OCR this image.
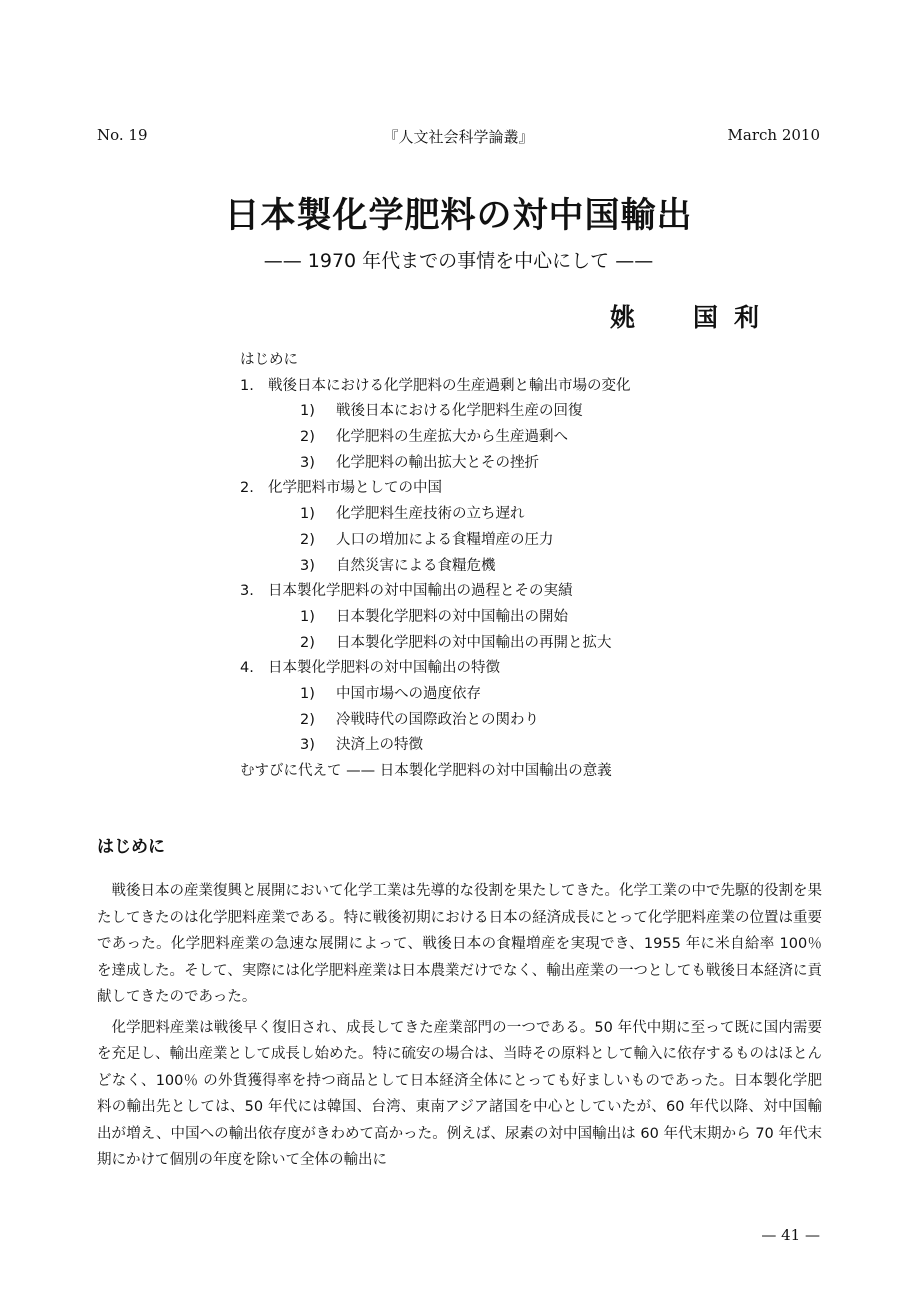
No. 19	『人文社会科学論叢』	March 2010
日本製化学肥料の対中国輸出
—— 1970 年代までの事情を中心にして ——
姚 国利
はじめに
1. 戦後日本における化学肥料の生産過剰と輸出市場の変化
1) 戦後日本における化学肥料生産の回復
2) 化学肥料の生産拡大から生産過剰へ
3) 化学肥料の輸出拡大とその挫折
2. 化学肥料市場としての中国
1) 化学肥料生産技術の立ち遅れ
2) 人口の増加による食糧増産の圧力
3) 自然災害による食糧危機
3. 日本製化学肥料の対中国輸出の過程とその実績
1) 日本製化学肥料の対中国輸出の開始
2) 日本製化学肥料の対中国輸出の再開と拡大
4. 日本製化学肥料の対中国輸出の特徴
1) 中国市場への過度依存
2) 冷戦時代の国際政治との関わり
3) 決済上の特徴
むすびに代えて —— 日本製化学肥料の対中国輸出の意義
はじめに

戦後日本の産業復興と展開において化学工業は先導的な役割を果たしてきた。化学工業の中で先駆的役割を果たしてきたのは化学肥料産業である。特に戦後初期における日本の経済成長にとって化学肥料産業の位置は重要であった。化学肥料産業の急速な展開によって、戦後日本の食糧増産を実現でき、1955 年に米自給率 100％ を達成した。そして、実際には化学肥料産業は日本農業だけでなく、輸出産業の一つとしても戦後日本経済に貢献してきたのであった。

化学肥料産業は戦後早く復旧され、成長してきた産業部門の一つである。50 年代中期に至って既に国内需要を充足し、輸出産業として成長し始めた。特に硫安の場合は、当時その原料として輸入に依存するものはほとんどなく、100％ の外貨獲得率を持つ商品として日本経済全体にとっても好ましいものであった。日本製化学肥料の輸出先としては、50 年代には韓国、台湾、東南アジア諸国を中心としていたが、60 年代以降、対中国輸出が増え、中国への輸出依存度がきわめて高かった。例えば、尿素の対中国輸出は 60 年代末期から 70 年代末期にかけて個別の年度を除いて全体の輸出に

— 41 —
